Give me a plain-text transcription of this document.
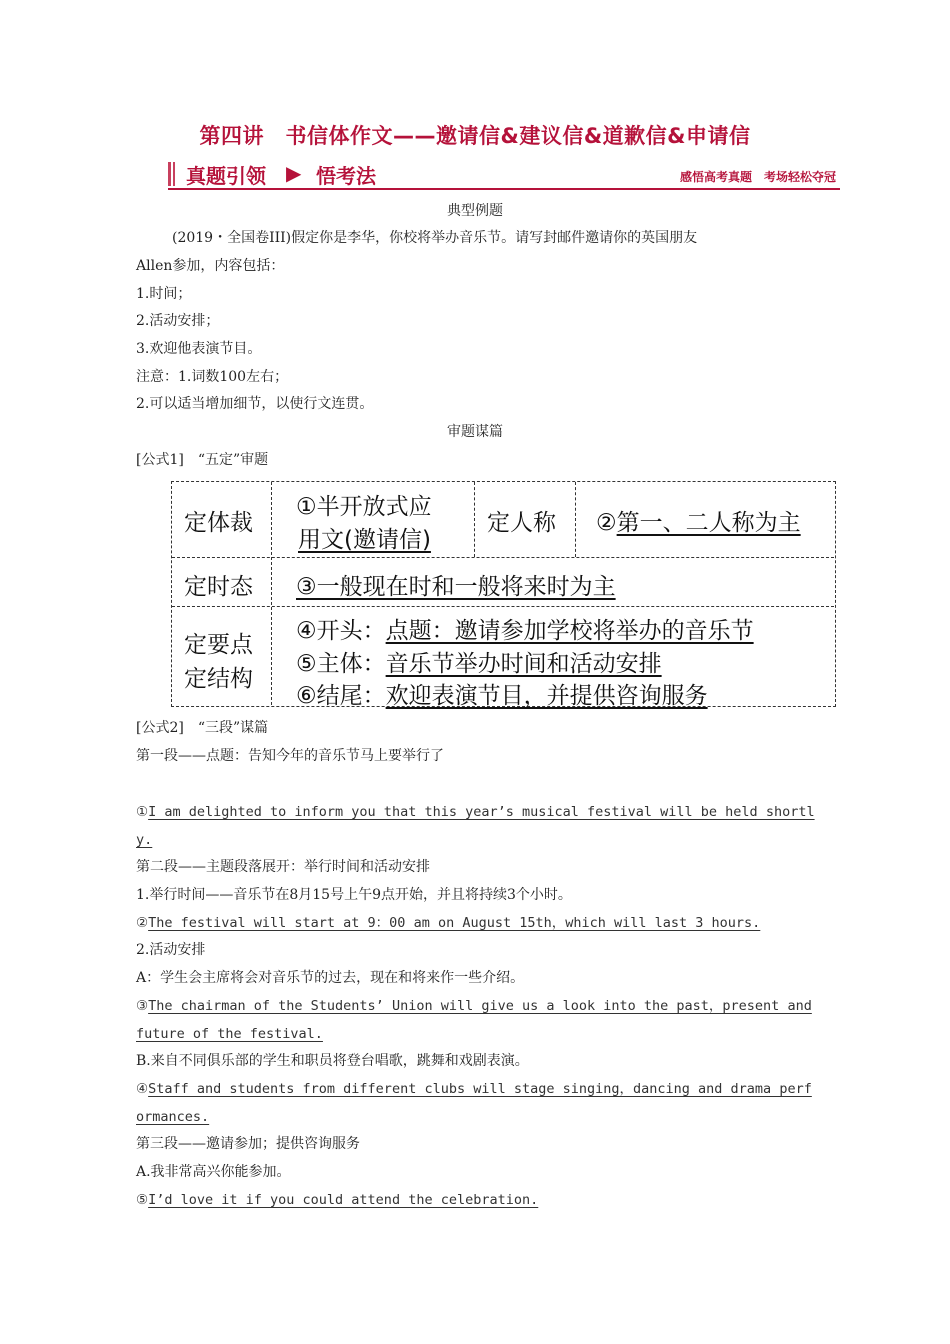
第四讲　书信体作文——邀请信&建议信&道歉信&申请信
真题引领 ▶ 悟考法	感悟高考真题　考场轻松夺冠
典型例题
(2019・全国卷III)假定你是李华，你校将举办音乐节。请写封邮件邀请你的英国朋友
Allen参加，内容包括：
1.时间；
2.活动安排；
3.欢迎他表演节目。
注意：1.词数100左右；
2.可以适当增加细节，以使行文连贯。
审题谋篇
[公式1]　“五定”审题
定体裁
①半开放式应
用文(邀请信)
定人称 ②第一、二人称为主
定时态 ③一般现在时和一般将来时为主
定要点
定结构
④开头：点题：邀请参加学校将举办的音乐节
⑤主体：音乐节举办时间和活动安排
⑥结尾：欢迎表演节目，并提供咨询服务
[公式2]　“三段”谋篇
第一段——点题：告知今年的音乐节马上要举行了
①I am delighted to inform you that this year’s musical festival will be held shortly.
第二段——主题段落展开：举行时间和活动安排
1.举行时间——音乐节在8月15号上午9点开始，并且将持续3个小时。
②The festival will start at 9：00 am on August 15th，which will last 3 hours.
2.活动安排
A：学生会主席将会对音乐节的过去，现在和将来作一些介绍。
③The chairman of the Students’ Union will give us a look into the past，present and future of the festival.
B.来自不同俱乐部的学生和职员将登台唱歌，跳舞和戏剧表演。
④Staff and students from different clubs will stage singing，dancing and drama performances.
第三段——邀请参加；提供咨询服务
A.我非常高兴你能参加。
⑤I’d love it if you could attend the celebration.
